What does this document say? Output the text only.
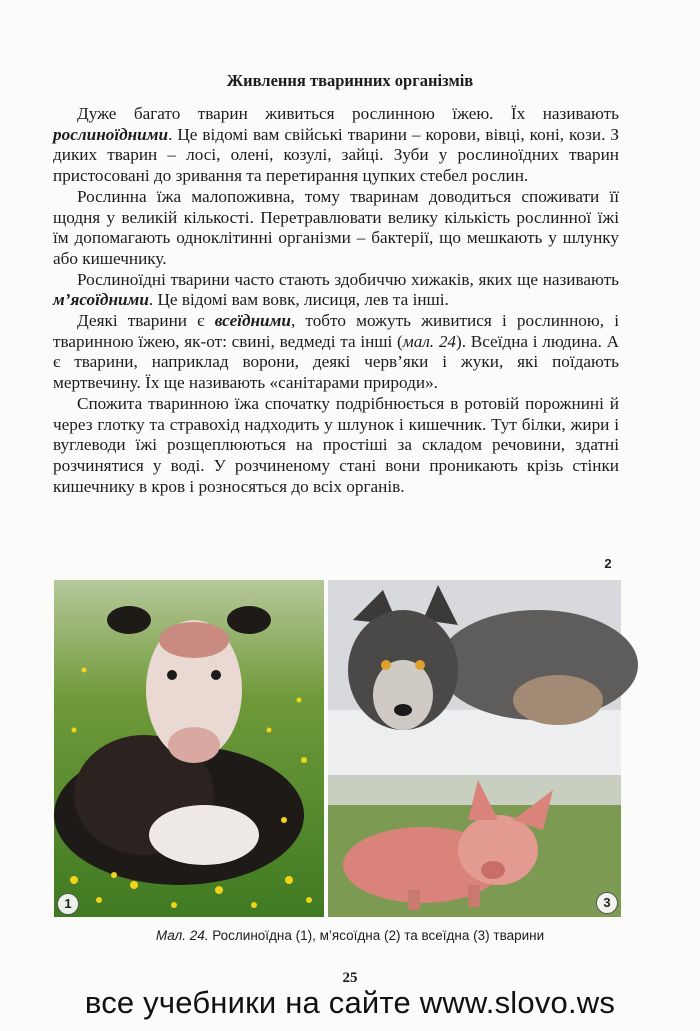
Живлення тваринних організмів

Дуже багато тварин живиться рослинною їжею. Їх називають рослиноїдними. Це відомі вам свійські тварини – корови, вівці, коні, кози. З диких тварин – лосі, олені, козулі, зайці. Зуби у рослиноїдних тварин пристосовані до зривання та перетирання цупких стебел рослин.

Рослинна їжа малопоживна, тому тваринам доводиться споживати її щодня у великій кількості. Перетравлювати велику кількість рослинної їжі їм допомагають одноклітинні організми – бактерії, що мешкають у шлунку або кишечнику.

Рослиноїдні тварини часто стають здобиччю хижаків, яких ще називають м’ясоїдними. Це відомі вам вовк, лисиця, лев та інші.

Деякі тварини є всеїдними, тобто можуть живитися і рослинною, і тваринною їжею, як-от: свині, ведмеді та інші (мал. 24). Всеїдна і людина. А є тварини, наприклад ворони, деякі черв’яки і жуки, які поїдають мертвечину. Їх ще називають «санітарами природи».

Спожита тваринною їжа спочатку подрібнюється в ротовій порожнині й через глотку та стравохід надходить у шлунок і кишечник. Тут білки, жири і вуглеводи їжі розщеплюються на простіші за складом речовини, здатні розчинятися у воді. У розчиненому стані вони проникають крізь стінки кишечнику в кров і розносяться до всіх органів.

1
2
3
Мал. 24. Рослиноїдна (1), м’ясоїдна (2) та всеїдна (3) тварини
25
все учебники на сайте www.slovo.ws
